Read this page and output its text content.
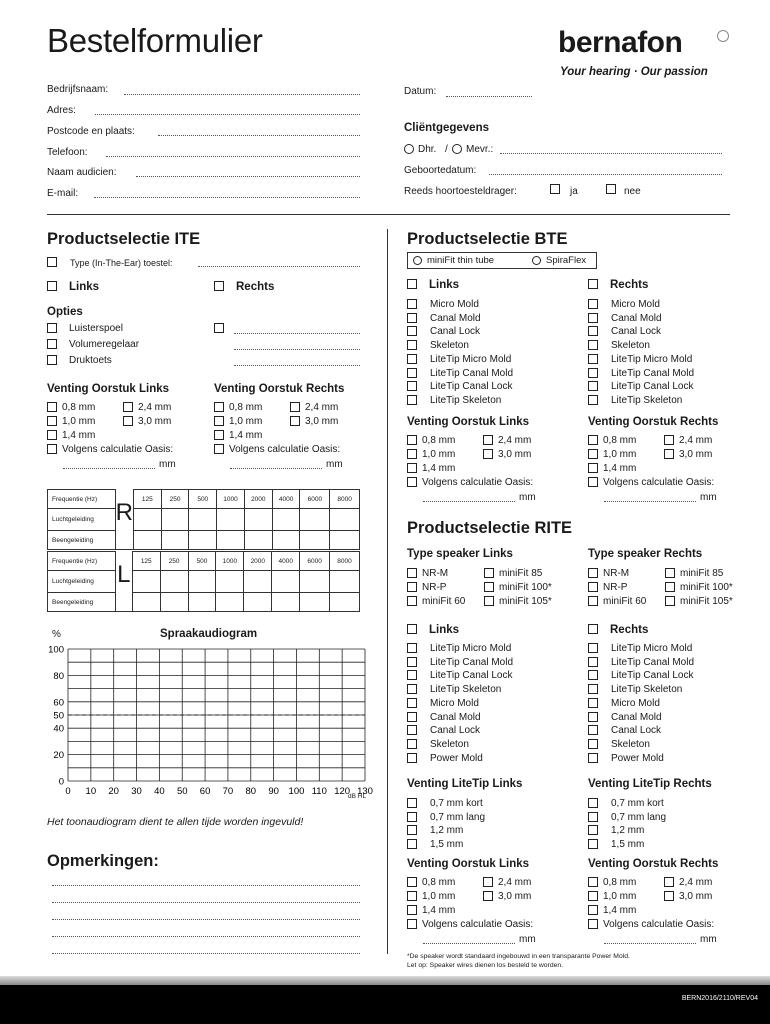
Bestelformulier	bernafon
Your hearing · Our passion
Bedrijfsnaam:
Adres:
Postcode en plaats:
Telefoon:
Naam audicien:
E-mail:
Datum:
Cliëntgegevens
Dhr. / Mevr.:
Geboortedatum:
Reeds hoortoesteldrager:	ja	nee
Productselectie ITE
Type (In-The-Ear) toestel:
Links	Rechts
Opties
Luisterspoel
Volumeregelaar
Druktoets
Venting Oorstuk Links	Venting Oorstuk Rechts
0,8 mm	2,4 mm
1,0 mm	3,0 mm
1,4 mm
Volgens calculatie Oasis:
mm
0,8 mm	2,4 mm
1,0 mm	3,0 mm
1,4 mm
Volgens calculatie Oasis:
mm
Frequentie (Hz)		125	250	500	1000	2000	4000	6000	8000
Luchtgeleiding	R								

Beengeleiding									
Frequentie (Hz)		125	250	500	1000	2000	4000	6000	8000
Luchtgeleiding	L								

Beengeleiding									
%	Spraakaudiogram
100
80
60
50
40
20
0
0 10 20 30 40 50 60 70 80 90 100 110 120 130
dB HL
Het toonaudiogram dient te allen tijde worden ingevuld!
Opmerkingen:
Productselectie BTE
miniFit thin tube	SpiraFlex
Links	Rechts
Micro Mold
Canal Mold
Canal Lock
Skeleton
LiteTip Micro Mold
LiteTip Canal Mold
LiteTip Canal Lock
LiteTip Skeleton
Micro Mold
Canal Mold
Canal Lock
Skeleton
LiteTip Micro Mold
LiteTip Canal Mold
LiteTip Canal Lock
LiteTip Skeleton
Venting Oorstuk Links	Venting Oorstuk Rechts
0,8 mm	2,4 mm
1,0 mm	3,0 mm
1,4 mm
Volgens calculatie Oasis:
mm
0,8 mm	2,4 mm
1,0 mm	3,0 mm
1,4 mm
Volgens calculatie Oasis:
mm
Productselectie RITE
Type speaker Links	Type speaker Rechts
NR-M	miniFit 85
NR-P	miniFit 100*
miniFit 60	miniFit 105*
NR-M	miniFit 85
NR-P	miniFit 100*
miniFit 60	miniFit 105*
Links	Rechts
LiteTip Micro Mold
LiteTip Canal Mold
LiteTip Canal Lock
LiteTip Skeleton
Micro Mold
Canal Mold
Canal Lock
Skeleton
Power Mold
LiteTip Micro Mold
LiteTip Canal Mold
LiteTip Canal Lock
LiteTip Skeleton
Micro Mold
Canal Mold
Canal Lock
Skeleton
Power Mold
Venting LiteTip Links	Venting LiteTip Rechts
0,7 mm kort
0,7 mm lang
1,2 mm
1,5 mm
0,7 mm kort
0,7 mm lang
1,2 mm
1,5 mm
Venting Oorstuk Links	Venting Oorstuk Rechts
0,8 mm	2,4 mm
1,0 mm	3,0 mm
1,4 mm
Volgens calculatie Oasis:
mm
0,8 mm	2,4 mm
1,0 mm	3,0 mm
1,4 mm
Volgens calculatie Oasis:
mm
*De speaker wordt standaard ingebouwd in een transparante Power Mold.
Let op: Speaker wires dienen los besteld te worden.
BERN2016/2110/REV04
